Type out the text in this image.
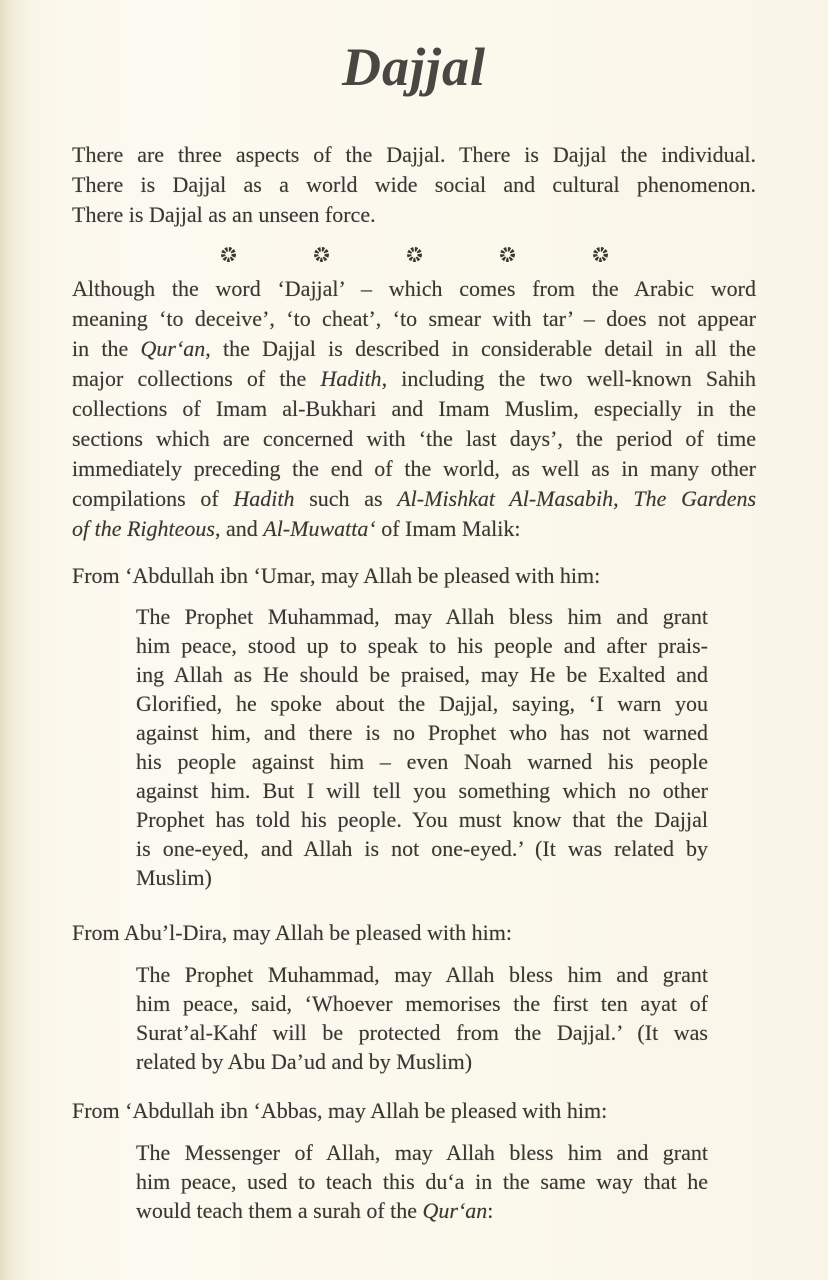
Dajjal
There are three aspects of the Dajjal. There is Dajjal the individual.
There is Dajjal as a world wide social and cultural phenomenon.
There is Dajjal as an unseen force.
Although the word ‘Dajjal’ – which comes from the Arabic word
meaning ‘to deceive’, ‘to cheat’, ‘to smear with tar’ – does not appear
in the Qur‘an, the Dajjal is described in considerable detail in all the
major collections of the Hadith, including the two well-known Sahih
collections of Imam al-Bukhari and Imam Muslim, especially in the
sections which are concerned with ‘the last days’, the period of time
immediately preceding the end of the world, as well as in many other
compilations of Hadith such as Al-Mishkat Al-Masabih, The Gardens
of the Righteous, and Al-Muwatta‘ of Imam Malik:

From ‘Abdullah ibn ‘Umar, may Allah be pleased with him:

The Prophet Muhammad, may Allah bless him and grant
him peace, stood up to speak to his people and after prais-
ing Allah as He should be praised, may He be Exalted and
Glorified, he spoke about the Dajjal, saying, ‘I warn you
against him, and there is no Prophet who has not warned
his people against him – even Noah warned his people
against him. But I will tell you something which no other
Prophet has told his people. You must know that the Dajjal
is one-eyed, and Allah is not one-eyed.’ (It was related by
Muslim)

From Abu’l-Dira, may Allah be pleased with him:

The Prophet Muhammad, may Allah bless him and grant
him peace, said, ‘Whoever memorises the first ten ayat of
Surat’al-Kahf will be protected from the Dajjal.’ (It was
related by Abu Da’ud and by Muslim)

From ‘Abdullah ibn ‘Abbas, may Allah be pleased with him:

The Messenger of Allah, may Allah bless him and grant
him peace, used to teach this du‘a in the same way that he
would teach them a surah of the Qur‘an:
